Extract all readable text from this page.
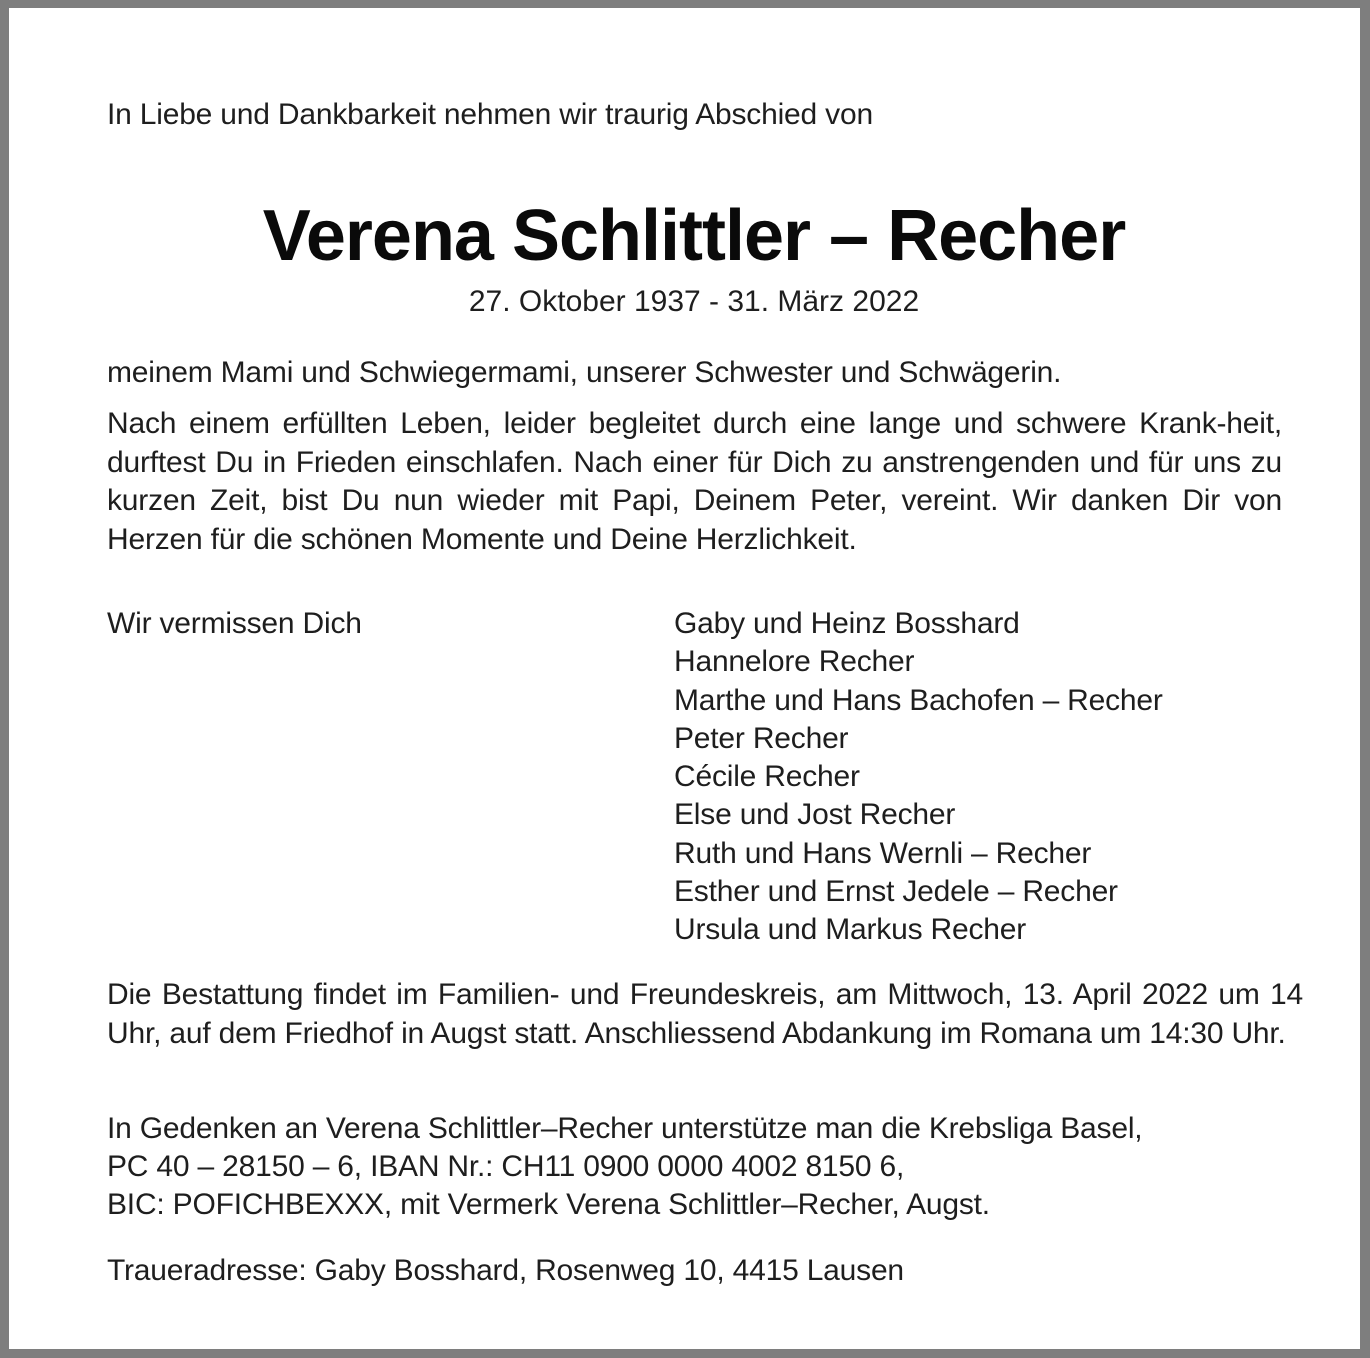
In Liebe und Dankbarkeit nehmen wir traurig Abschied von

Verena Schlittler – Recher

27. Oktober 1937 - 31. März 2022

meinem Mami und Schwiegermami, unserer Schwester und Schwägerin.

Nach einem erfüllten Leben, leider begleitet durch eine lange und schwere Krank-heit, durftest Du in Frieden einschlafen. Nach einer für Dich zu anstrengenden und für uns zu kurzen Zeit, bist Du nun wieder mit Papi, Deinem Peter, vereint. Wir danken Dir von Herzen für die schönen Momente und Deine Herzlichkeit.

Wir vermissen Dich	Gaby und Heinz Bosshard
Hannelore Recher
Marthe und Hans Bachofen – Recher
Peter Recher
Cécile Recher
Else und Jost Recher
Ruth und Hans Wernli – Recher
Esther und Ernst Jedele – Recher
Ursula und Markus Recher

Die Bestattung findet im Familien- und Freundeskreis, am Mittwoch, 13. April 2022 um 14 Uhr, auf dem Friedhof in Augst statt. Anschliessend Abdankung im Romana um 14:30 Uhr.

In Gedenken an Verena Schlittler–Recher unterstütze man die Krebsliga Basel,
PC 40 – 28150 – 6, IBAN Nr.: CH11 0900 0000 4002 8150 6,
BIC: POFICHBEXXX, mit Vermerk Verena Schlittler–Recher, Augst.

Traueradresse: Gaby Bosshard, Rosenweg 10, 4415 Lausen
